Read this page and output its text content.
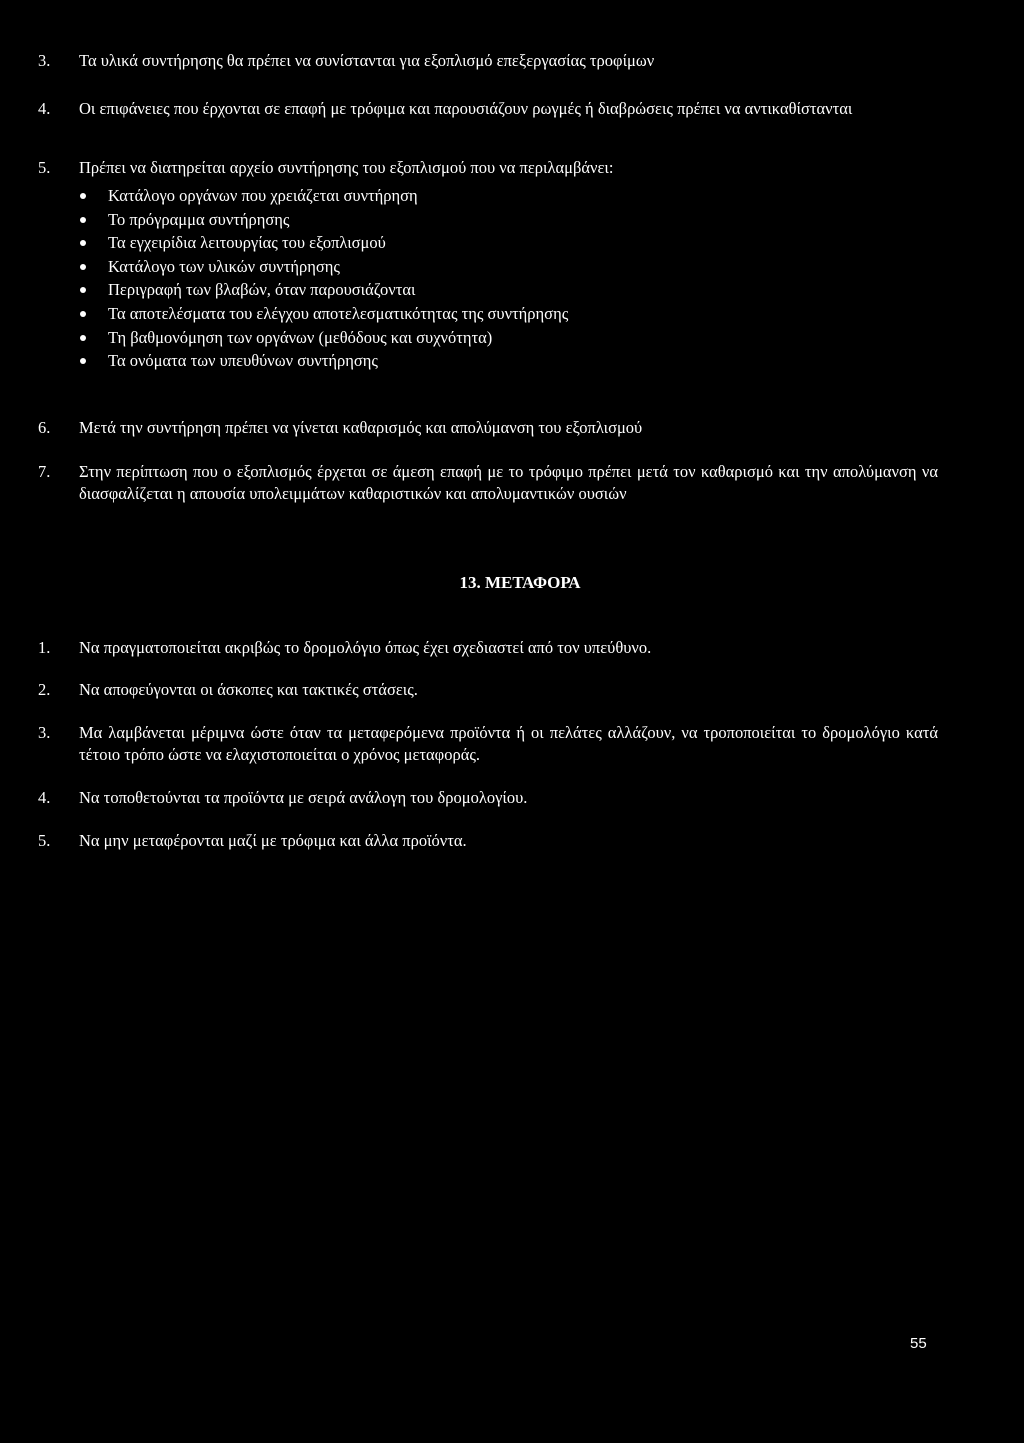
3.	Τα υλικά συντήρησης θα πρέπει να συνίστανται για εξοπλισμό επεξεργασίας τροφίμων
4.	Οι επιφάνειες που έρχονται σε επαφή με τρόφιμα και παρουσιάζουν ρωγμές ή διαβρώσεις πρέπει να αντικαθίστανται
5.	Πρέπει να διατηρείται αρχείο συντήρησης του εξοπλισμού που να περιλαμβάνει:
Κατάλογο οργάνων που χρειάζεται συντήρηση
Το πρόγραμμα συντήρησης
Τα εγχειρίδια λειτουργίας του εξοπλισμού
Κατάλογο των υλικών συντήρησης
Περιγραφή των βλαβών, όταν παρουσιάζονται
Τα αποτελέσματα του ελέγχου αποτελεσματικότητας της συντήρησης
Τη βαθμονόμηση των οργάνων (μεθόδους και συχνότητα)
Τα ονόματα των υπευθύνων συντήρησης
6.	Μετά την συντήρηση πρέπει να γίνεται καθαρισμός και απολύμανση του εξοπλισμού
7.	Στην περίπτωση που ο εξοπλισμός έρχεται σε άμεση επαφή με το τρόφιμο πρέπει μετά τον καθαρισμό και την απολύμανση να διασφαλίζεται η απουσία υπολειμμάτων καθαριστικών και απολυμαντικών ουσιών
13. ΜΕΤΑΦΟΡΑ
1.	Να πραγματοποιείται ακριβώς το δρομολόγιο όπως έχει σχεδιαστεί από τον υπεύθυνο.
2.	Να αποφεύγονται οι άσκοπες και τακτικές στάσεις.
3.	Μα λαμβάνεται μέριμνα ώστε όταν τα μεταφερόμενα προϊόντα ή οι πελάτες αλλάζουν, να τροποποιείται το δρομολόγιο κατά τέτοιο τρόπο ώστε να ελαχιστοποιείται ο χρόνος μεταφοράς.
4.	Να τοποθετούνται τα προϊόντα με σειρά ανάλογη του δρομολογίου.
5.	Να μην μεταφέρονται μαζί με τρόφιμα και άλλα προϊόντα.
55
